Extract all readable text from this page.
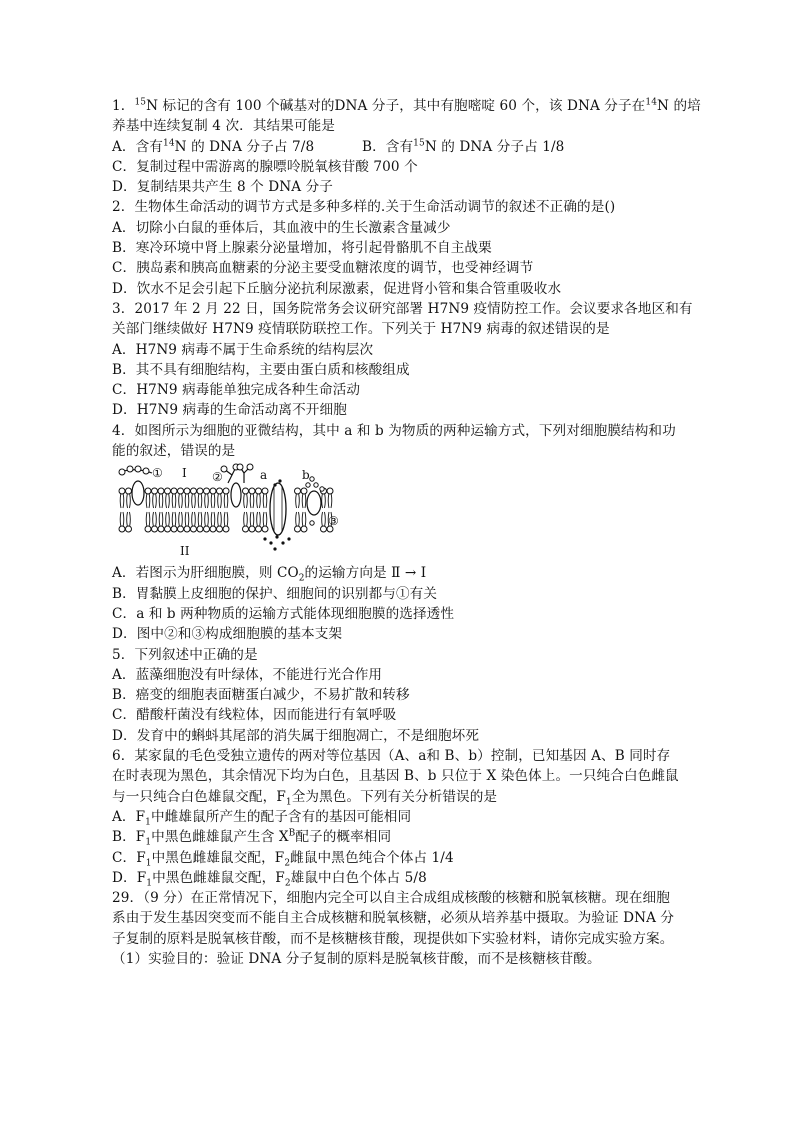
1．$^{15}$N 标记的含有 100 个碱基对的DNA 分子，其中有胞嘧啶 60 个，该 DNA 分子在$^{14}$N 的培
养基中连续复制 4 次．其结果可能是
A．含有$^{14}$N 的 DNA 分子占 7/8	B．含有$^{15}$N 的 DNA 分子占 1/8
C．复制过程中需游离的腺嘌呤脱氧核苷酸 700 个
D．复制结果共产生 8 个 DNA 分子
2．生物体生命活动的调节方式是多种多样的.关于生命活动调节的叙述不正确的是()
A．切除小白鼠的垂体后，其血液中的生长激素含量减少
B．寒冷环境中肾上腺素分泌量增加，将引起骨骼肌不自主战栗
C．胰岛素和胰高血糖素的分泌主要受血糖浓度的调节，也受神经调节
D．饮水不足会引起下丘脑分泌抗利尿激素，促进肾小管和集合管重吸收水
3．2017 年 2 月 22 日，国务院常务会议研究部署 H7N9 疫情防控工作。会议要求各地区和有
关部门继续做好 H7N9 疫情联防联控工作。下列关于 H7N9 病毒的叙述错误的是
A．H7N9 病毒不属于生命系统的结构层次
B．其不具有细胞结构，主要由蛋白质和核酸组成
C．H7N9 病毒能单独完成各种生命活动
D．H7N9 病毒的生命活动离不开细胞
4．如图所示为细胞的亚微结构，其中 a 和 b 为物质的两种运输方式，下列对细胞膜结构和功
能的叙述，错误的是
① I ②	a	b
③
II
A．若图示为肝细胞膜，则 $CO_2$的运输方向是 Ⅱ → I
B．胃黏膜上皮细胞的保护、细胞间的识别都与①有关
C．a 和 b 两种物质的运输方式能体现细胞膜的选择透性
D．图中②和③构成细胞膜的基本支架
5．下列叙述中正确的是
A．蓝藻细胞没有叶绿体，不能进行光合作用
B．癌变的细胞表面糖蛋白减少，不易扩散和转移
C．醋酸杆菌没有线粒体，因而能进行有氧呼吸
D．发育中的蝌蚪其尾部的消失属于细胞凋亡，不是细胞坏死
6．某家鼠的毛色受独立遗传的两对等位基因（A、a和 B、b）控制，已知基因 A、B 同时存
在时表现为黑色，其余情况下均为白色，且基因 B、b 只位于 X 染色体上。一只纯合白色雌鼠
与一只纯合白色雄鼠交配，$F_1$全为黑色。下列有关分析错误的是
A．$F_1$中雌雄鼠所产生的配子含有的基因可能相同
B．$F_1$中黑色雌雄鼠产生含 $X^B$配子的概率相同
C．$F_1$中黑色雌雄鼠交配，$F_2$雌鼠中黑色纯合个体占 1/4
D．$F_1$中黑色雌雄鼠交配，$F_2$雄鼠中白色个体占 5/8
29．（9 分）在正常情况下，细胞内完全可以自主合成组成核酸的核糖和脱氧核糖。现在细胞
系由于发生基因突变而不能自主合成核糖和脱氧核糖，必须从培养基中摄取。为验证 DNA 分
子复制的原料是脱氧核苷酸，而不是核糖核苷酸，现提供如下实验材料，请你完成实验方案。
（1）实验目的：验证 DNA 分子复制的原料是脱氧核苷酸，而不是核糖核苷酸。
